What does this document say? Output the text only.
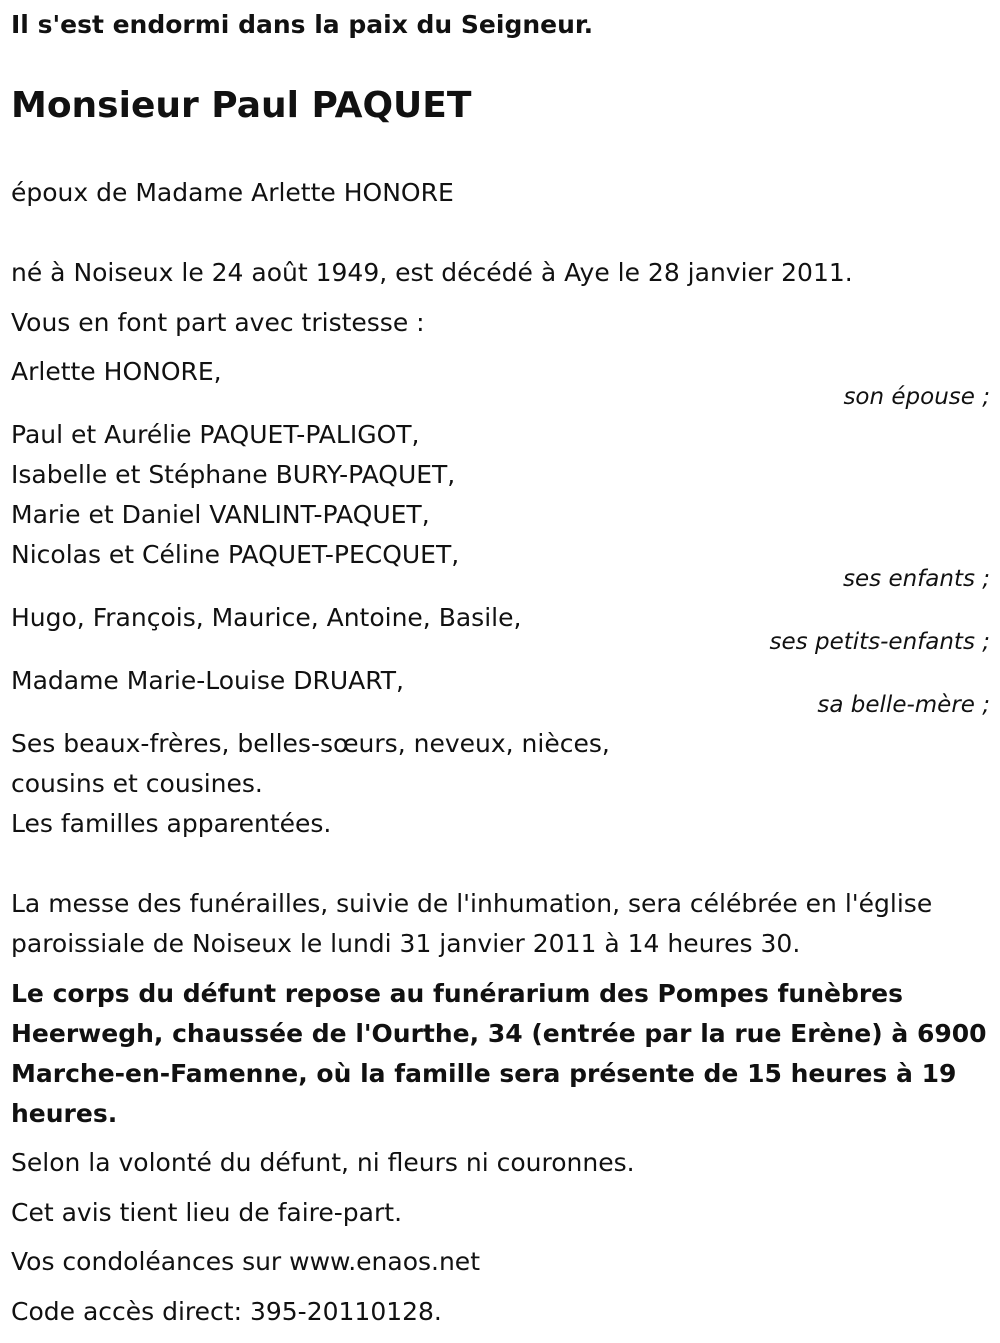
Il s'est endormi dans la paix du Seigneur.

Monsieur Paul PAQUET

époux de Madame Arlette HONORE

né à Noiseux le 24 août 1949, est décédé à Aye le 28 janvier 2011.

Vous en font part avec tristesse :

Arlette HONORE,

son épouse ;

Paul et Aurélie PAQUET-PALIGOT,

Isabelle et Stéphane BURY-PAQUET,

Marie et Daniel VANLINT-PAQUET,

Nicolas et Céline PAQUET-PECQUET,

ses enfants ;

Hugo, François, Maurice, Antoine, Basile,

ses petits-enfants ;

Madame Marie-Louise DRUART,

sa belle-mère ;

Ses beaux-frères, belles-sœurs, neveux, nièces,

cousins et cousines.

Les familles apparentées.

La messe des funérailles, suivie de l'inhumation, sera célébrée en l'église

paroissiale de Noiseux le lundi 31 janvier 2011 à 14 heures 30.

Le corps du défunt repose au funérarium des Pompes funèbres

Heerwegh, chaussée de l'Ourthe, 34 (entrée par la rue Erène) à 6900

Marche-en-Famenne, où la famille sera présente de 15 heures à 19

heures.

Selon la volonté du défunt, ni fleurs ni couronnes.

Cet avis tient lieu de faire-part.

Vos condoléances sur www.enaos.net

Code accès direct: 395-20110128.
